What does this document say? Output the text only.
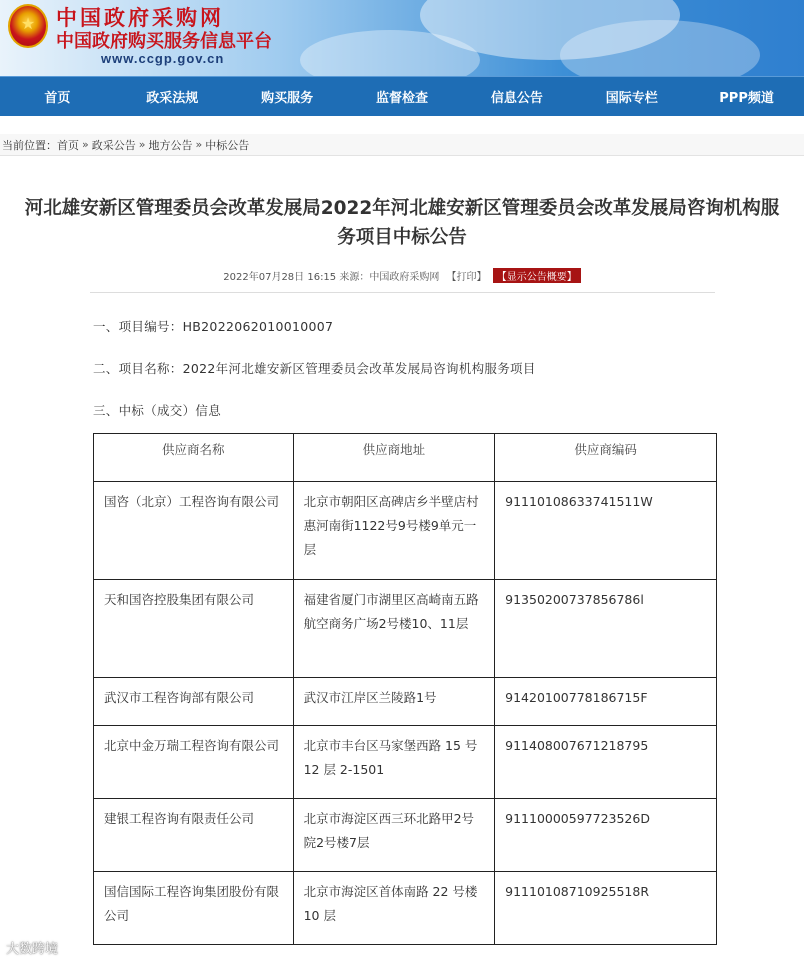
★
中国政府采购网
中国政府购买服务信息平台
www.ccgp.gov.cn
首页	政采法规	购买服务	监督检查	信息公告	国际专栏	PPP频道
当前位置： 首页 » 政采公告 » 地方公告 » 中标公告
河北雄安新区管理委员会改革发展局2022年河北雄安新区管理委员会改革发展局咨询机构服务项目中标公告
2022年07月28日 16:15 来源：中国政府采购网 【打印】 【显示公告概要】
一、项目编号：HB2022062010010007
二、项目名称：2022年河北雄安新区管理委员会改革发展局咨询机构服务项目
三、中标（成交）信息
供应商名称	供应商地址	供应商编码
国咨（北京）工程咨询有限公司	北京市朝阳区高碑店乡半壁店村惠河南街1122号9号楼9单元一层	91110108633741511W
天和国咨控股集团有限公司	福建省厦门市湖里区高崎南五路航空商务广场2号楼10、11层	91350200737856786l
武汉市工程咨询部有限公司	武汉市江岸区兰陵路1号	91420100778186715F
北京中金万瑞工程咨询有限公司	北京市丰台区马家堡西路 15 号 12 层 2-1501	911408007671218795
建银工程咨询有限责任公司	北京市海淀区西三环北路甲2号院2号楼7层	91110000597723526D
国信国际工程咨询集团股份有限公司	北京市海淀区首体南路 22 号楼 10 层	91110108710925518R
大数跨境
